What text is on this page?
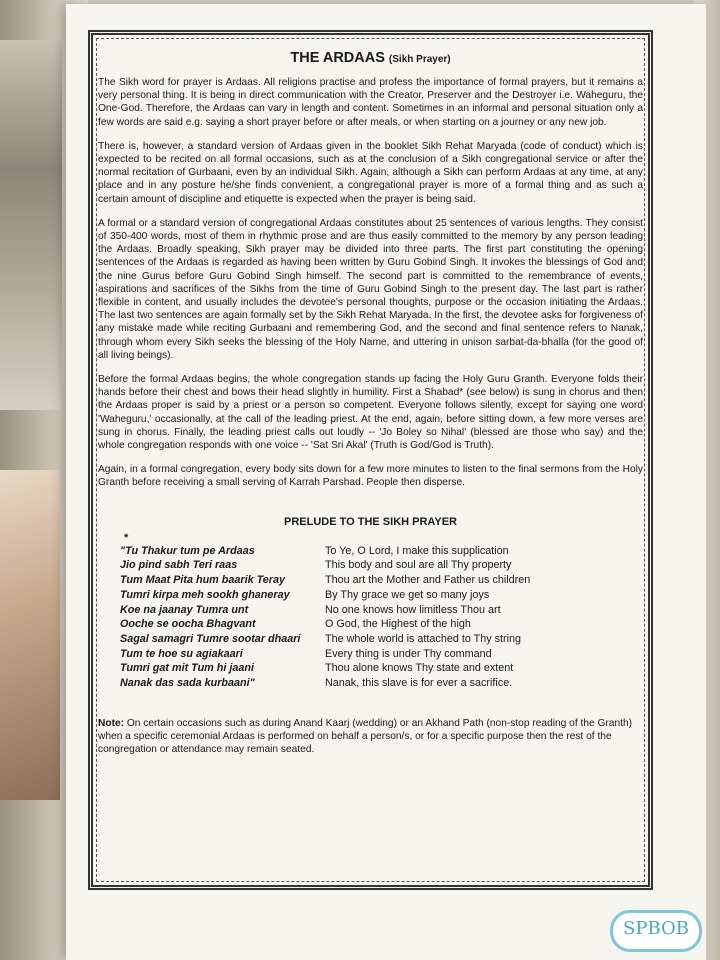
THE ARDAAS (Sikh Prayer)

The Sikh word for prayer is Ardaas. All religions practise and profess the importance of formal prayers, but it remains a very personal thing. It is being in direct communication with the Creator, Preserver and the Destroyer i.e. Waheguru, the One-God. Therefore, the Ardaas can vary in length and content. Sometimes in an informal and personal situation only a few words are said e.g. saying a short prayer before or after meals, or when starting on a journey or any new job.

There is, however, a standard version of Ardaas given in the booklet Sikh Rehat Maryada (code of conduct) which is expected to be recited on all formal occasions, such as at the conclusion of a Sikh congregational service or after the normal recitation of Gurbaani, even by an individual Sikh. Again, although a Sikh can perform Ardaas at any time, at any place and in any posture he/she finds convenient, a congregational prayer is more of a formal thing and as such a certain amount of discipline and etiquette is expected when the prayer is being said.

A formal or a standard version of congregational Ardaas constitutes about 25 sentences of various lengths. They consist of 350-400 words, most of them in rhythmic prose and are thus easily committed to the memory by any person leading the Ardaas. Broadly speaking, Sikh prayer may be divided into three parts. The first part constituting the opening sentences of the Ardaas is regarded as having been written by Guru Gobind Singh. It invokes the blessings of God and the nine Gurus before Guru Gobind Singh himself. The second part is committed to the remembrance of events, aspirations and sacrifices of the Sikhs from the time of Guru Gobind Singh to the present day. The last part is rather flexible in content, and usually includes the devotee's personal thoughts, purpose or the occasion initiating the Ardaas. The last two sentences are again formally set by the Sikh Rehat Maryada. In the first, the devotee asks for forgiveness of any mistake made while reciting Gurbaani and remembering God, and the second and final sentence refers to Nanak, through whom every Sikh seeks the blessing of the Holy Name, and uttering in unison sarbat-da-bhalla (for the good of all living beings).

Before the formal Ardaas begins, the whole congregation stands up facing the Holy Guru Granth. Everyone folds their hands before their chest and bows their head slightly in humility. First a Shabad* (see below) is sung in chorus and then the Ardaas proper is said by a priest or a person so competent. Everyone follows silently, except for saying one word 'Waheguru,' occasionally, at the call of the leading priest. At the end, again, before sitting down, a few more verses are sung in chorus. Finally, the leading priest calls out loudly -- 'Jo Boley so Nihal' (blessed are those who say) and the whole congregation responds with one voice -- 'Sat Sri Akal' (Truth is God/God is Truth).

Again, in a formal congregation, every body sits down for a few more minutes to listen to the final sermons from the Holy Granth before receiving a small serving of Karrah Parshad. People then disperse.

PRELUDE TO THE SIKH PRAYER
*
"Tu Thakur tum pe Ardaas	To Ye, O Lord, I make this supplication
Jio pind sabh Teri raas	This body and soul are all Thy property
Tum Maat Pita hum baarik Teray	Thou art the Mother and Father us children
Tumri kirpa meh sookh ghaneray	By Thy grace we get so many joys
Koe na jaanay Tumra unt	No one knows how limitless Thou art
Ooche se oocha Bhagvant	O God, the Highest of the high
Sagal samagri Tumre sootar dhaari	The whole world is attached to Thy string
Tum te hoe su agiakaari	Every thing is under Thy command
Tumri gat mit Tum hi jaani	Thou alone knows Thy state and extent
Nanak das sada kurbaani"	Nanak, this slave is for ever a sacrifice.
Note: On certain occasions such as during Anand Kaarj (wedding) or an Akhand Path (non-stop reading of the Granth) when a specific ceremonial Ardaas is performed on behalf a person/s, or for a specific purpose then the rest of the congregation or attendance may remain seated.
SPBOB
